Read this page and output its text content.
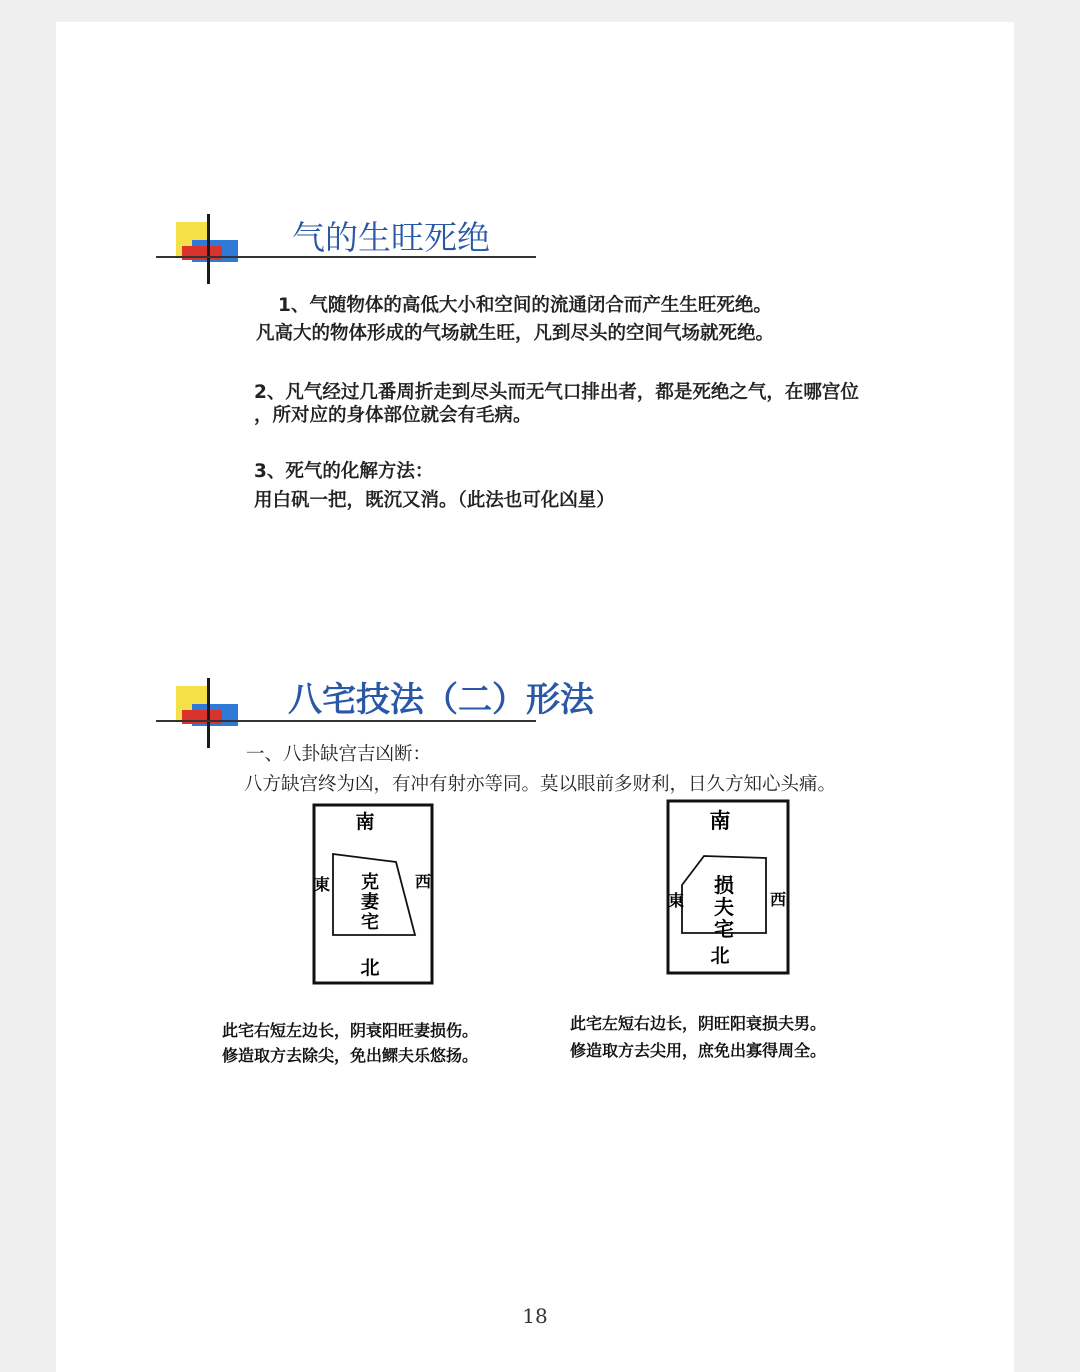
气的生旺死绝
1、气随物体的高低大小和空间的流通闭合而产生生旺死绝。
凡高大的物体形成的气场就生旺，凡到尽头的空间气场就死绝。
2、凡气经过几番周折走到尽头而无气口排出者，都是死绝之气，在哪宫位
，所对应的身体部位就会有毛病。
3、死气的化解方法：
用白矾一把，既沉又消。（此法也可化凶星）
八宅技法（二）形法
一、八卦缺宫吉凶断：
八方缺宫终为凶，有冲有射亦等同。莫以眼前多财利，日久方知心头痛。
南
北
東	西
克
妻
宅
南
北
東	西
损
夫
宅
此宅右短左边长，阴衰阳旺妻损伤。
修造取方去除尖，免出鳏夫乐悠扬。
此宅左短右边长，阴旺阳衰损夫男。
修造取方去尖用，庶免出寡得周全。
18
